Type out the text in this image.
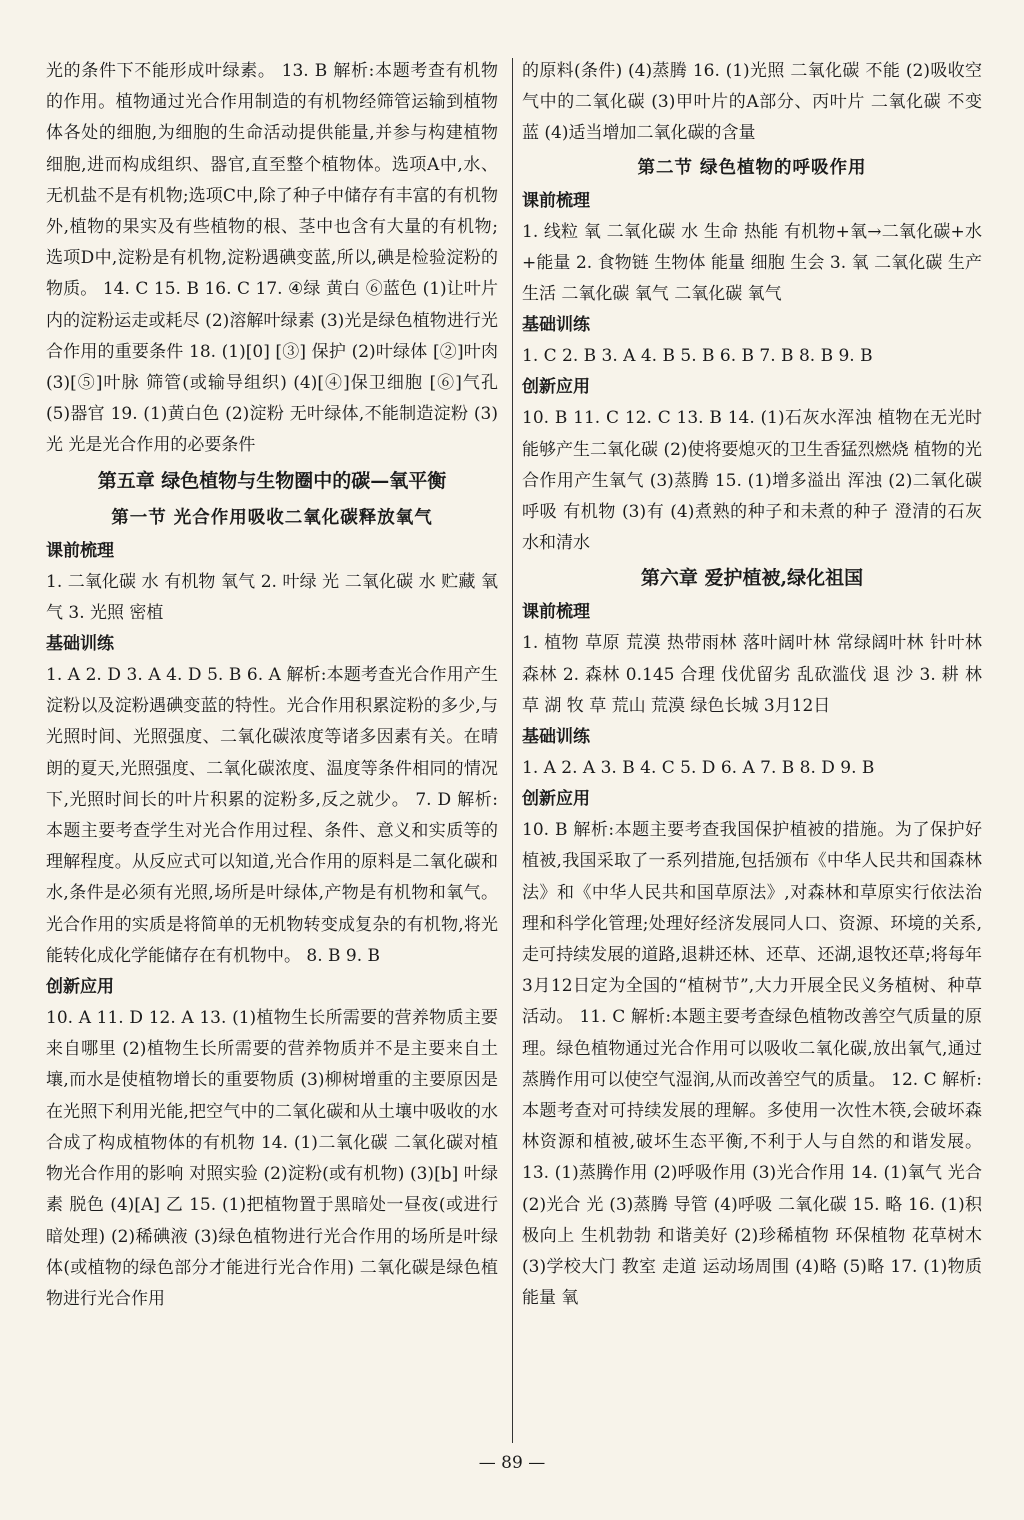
光的条件下不能形成叶绿素。 13. B 解析:本题考查有机物的作用。植物通过光合作用制造的有机物经筛管运输到植物体各处的细胞,为细胞的生命活动提供能量,并参与构建植物细胞,进而构成组织、器官,直至整个植物体。选项A中,水、无机盐不是有机物;选项C中,除了种子中储存有丰富的有机物外,植物的果实及有些植物的根、茎中也含有大量的有机物;选项D中,淀粉是有机物,淀粉遇碘变蓝,所以,碘是检验淀粉的物质。 14. C 15. B 16. C 17. ④绿 黄白 ⑥蓝色 (1)让叶片内的淀粉运走或耗尽 (2)溶解叶绿素 (3)光是绿色植物进行光合作用的重要条件 18. (1)[0] [③] 保护 (2)叶绿体 [②]叶肉 (3)[⑤]叶脉 筛管(或输导组织) (4)[④]保卫细胞 [⑥]气孔 (5)器官 19. (1)黄白色 (2)淀粉 无叶绿体,不能制造淀粉 (3)光 光是光合作用的必要条件

第五章 绿色植物与生物圈中的碳—氧平衡
第一节 光合作用吸收二氧化碳释放氧气
课前梳理

1. 二氧化碳 水 有机物 氧气 2. 叶绿 光 二氧化碳 水 贮藏 氧气 3. 光照 密植

基础训练

1. A 2. D 3. A 4. D 5. B 6. A 解析:本题考查光合作用产生淀粉以及淀粉遇碘变蓝的特性。光合作用积累淀粉的多少,与光照时间、光照强度、二氧化碳浓度等诸多因素有关。在晴朗的夏天,光照强度、二氧化碳浓度、温度等条件相同的情况下,光照时间长的叶片积累的淀粉多,反之就少。 7. D 解析:本题主要考查学生对光合作用过程、条件、意义和实质等的理解程度。从反应式可以知道,光合作用的原料是二氧化碳和水,条件是必须有光照,场所是叶绿体,产物是有机物和氧气。光合作用的实质是将简单的无机物转变成复杂的有机物,将光能转化成化学能储存在有机物中。 8. B 9. B

创新应用

10. A 11. D 12. A 13. (1)植物生长所需要的营养物质主要来自哪里 (2)植物生长所需要的营养物质并不是主要来自土壤,而水是使植物增长的重要物质 (3)柳树增重的主要原因是在光照下利用光能,把空气中的二氧化碳和从土壤中吸收的水合成了构成植物体的有机物 14. (1)二氧化碳 二氧化碳对植物光合作用的影响 对照实验 (2)淀粉(或有机物) (3)[b] 叶绿素 脱色 (4)[A] 乙 15. (1)把植物置于黑暗处一昼夜(或进行暗处理) (2)稀碘液 (3)绿色植物进行光合作用的场所是叶绿体(或植物的绿色部分才能进行光合作用) 二氧化碳是绿色植物进行光合作用

的原料(条件) (4)蒸腾 16. (1)光照 二氧化碳 不能 (2)吸收空气中的二氧化碳 (3)甲叶片的A部分、丙叶片 二氧化碳 不变蓝 (4)适当增加二氧化碳的含量

第二节 绿色植物的呼吸作用
课前梳理

1. 线粒 氧 二氧化碳 水 生命 热能 有机物+氧→二氧化碳+水+能量 2. 食物链 生物体 能量 细胞 生会 3. 氧 二氧化碳 生产 生活 二氧化碳 氧气 二氧化碳 氧气

基础训练

1. C 2. B 3. A 4. B 5. B 6. B 7. B 8. B 9. B

创新应用

10. B 11. C 12. C 13. B 14. (1)石灰水浑浊 植物在无光时能够产生二氧化碳 (2)使将要熄灭的卫生香猛烈燃烧 植物的光合作用产生氧气 (3)蒸腾 15. (1)增多溢出 浑浊 (2)二氧化碳 呼吸 有机物 (3)有 (4)煮熟的种子和未煮的种子 澄清的石灰水和清水

第六章 爱护植被,绿化祖国
课前梳理

1. 植物 草原 荒漠 热带雨林 落叶阔叶林 常绿阔叶林 针叶林 森林 2. 森林 0.145 合理 伐优留劣 乱砍滥伐 退 沙 3. 耕 林 草 湖 牧 草 荒山 荒漠 绿色长城 3月12日

基础训练

1. A 2. A 3. B 4. C 5. D 6. A 7. B 8. D 9. B

创新应用

10. B 解析:本题主要考查我国保护植被的措施。为了保护好植被,我国采取了一系列措施,包括颁布《中华人民共和国森林法》和《中华人民共和国草原法》,对森林和草原实行依法治理和科学化管理;处理好经济发展同人口、资源、环境的关系,走可持续发展的道路,退耕还林、还草、还湖,退牧还草;将每年3月12日定为全国的“植树节”,大力开展全民义务植树、种草活动。 11. C 解析:本题主要考查绿色植物改善空气质量的原理。绿色植物通过光合作用可以吸收二氧化碳,放出氧气,通过蒸腾作用可以使空气湿润,从而改善空气的质量。 12. C 解析:本题考查对可持续发展的理解。多使用一次性木筷,会破坏森林资源和植被,破坏生态平衡,不利于人与自然的和谐发展。 13. (1)蒸腾作用 (2)呼吸作用 (3)光合作用 14. (1)氧气 光合 (2)光合 光 (3)蒸腾 导管 (4)呼吸 二氧化碳 15. 略 16. (1)积极向上 生机勃勃 和谐美好 (2)珍稀植物 环保植物 花草树木 (3)学校大门 教室 走道 运动场周围 (4)略 (5)略 17. (1)物质 能量 氧

— 89 —
